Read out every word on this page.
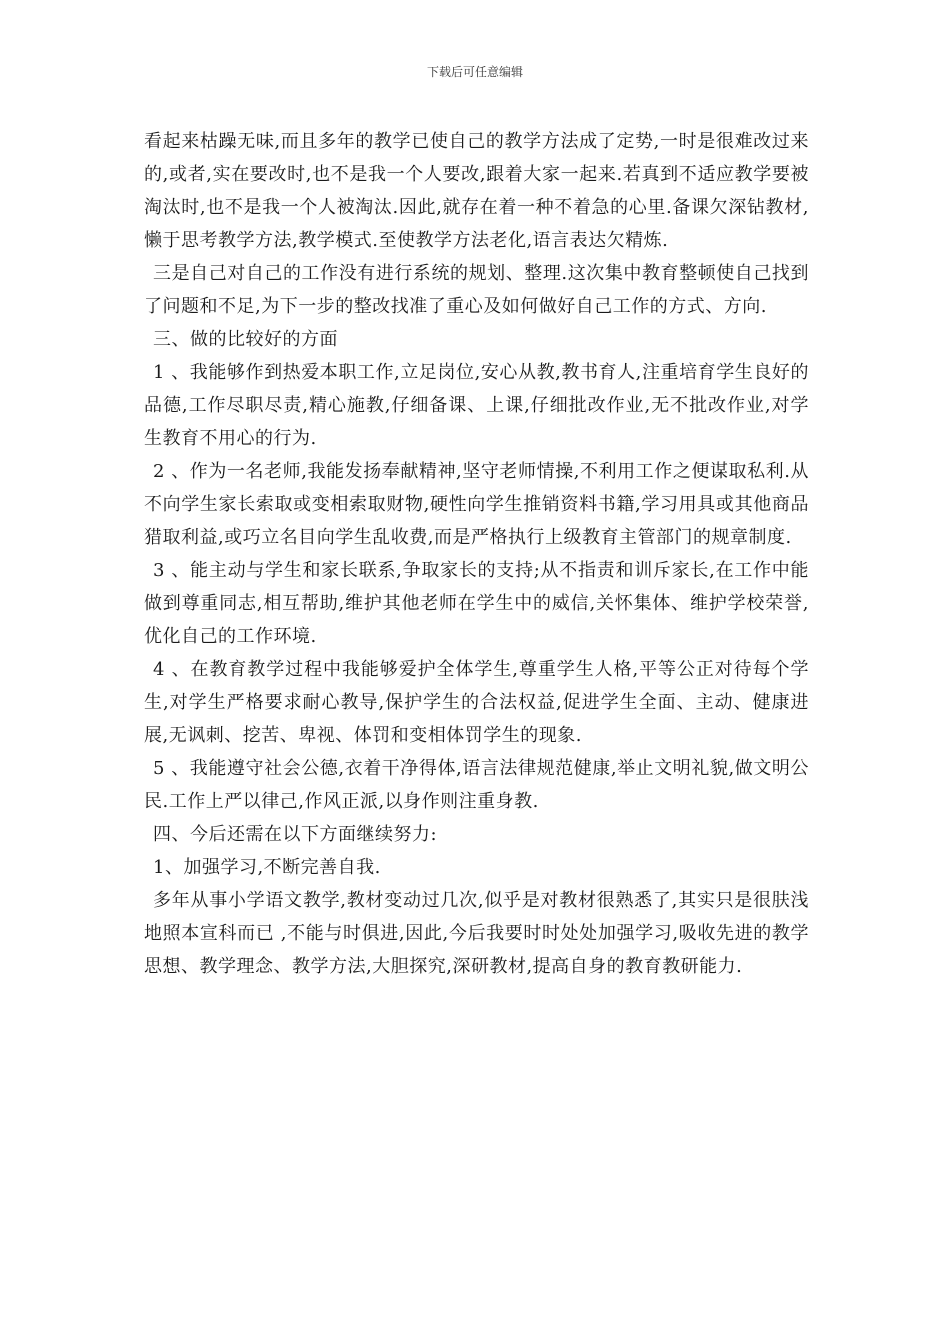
下载后可任意编辑

看起来枯躁无味,而且多年的教学已使自己的教学方法成了定势,一时是很难改过来的,或者,实在要改时,也不是我一个人要改,跟着大家一起来.若真到不适应教学要被淘汰时,也不是我一个人被淘汰.因此,就存在着一种不着急的心里.备课欠深钻教材,懒于思考教学方法,教学模式.至使教学方法老化,语言表达欠精炼.

三是自己对自己的工作没有进行系统的规划、整理.这次集中教育整顿使自己找到了问题和不足,为下一步的整改找准了重心及如何做好自己工作的方式、方向.

三、做的比较好的方面

1 、我能够作到热爱本职工作,立足岗位,安心从教,教书育人,注重培育学生良好的品德,工作尽职尽责,精心施教,仔细备课、上课,仔细批改作业,无不批改作业,对学生教育不用心的行为.

2 、作为一名老师,我能发扬奉献精神,坚守老师情操,不利用工作之便谋取私利.从不向学生家长索取或变相索取财物,硬性向学生推销资料书籍,学习用具或其他商品猎取利益,或巧立名目向学生乱收费,而是严格执行上级教育主管部门的规章制度.

3 、能主动与学生和家长联系,争取家长的支持;从不指责和训斥家长,在工作中能做到尊重同志,相互帮助,维护其他老师在学生中的威信,关怀集体、维护学校荣誉,优化自己的工作环境.

4 、在教育教学过程中我能够爱护全体学生,尊重学生人格,平等公正对待每个学生,对学生严格要求耐心教导,保护学生的合法权益,促进学生全面、主动、健康进展,无讽刺、挖苦、卑视、体罚和变相体罚学生的现象.

5 、我能遵守社会公德,衣着干净得体,语言法律规范健康,举止文明礼貌,做文明公民.工作上严以律己,作风正派,以身作则注重身教.

四、今后还需在以下方面继续努力:

1、加强学习,不断完善自我.

多年从事小学语文教学,教材变动过几次,似乎是对教材很熟悉了,其实只是很肤浅地照本宣科而已 ,不能与时俱进,因此,今后我要时时处处加强学习,吸收先进的教学思想、教学理念、教学方法,大胆探究,深研教材,提高自身的教育教研能力.
